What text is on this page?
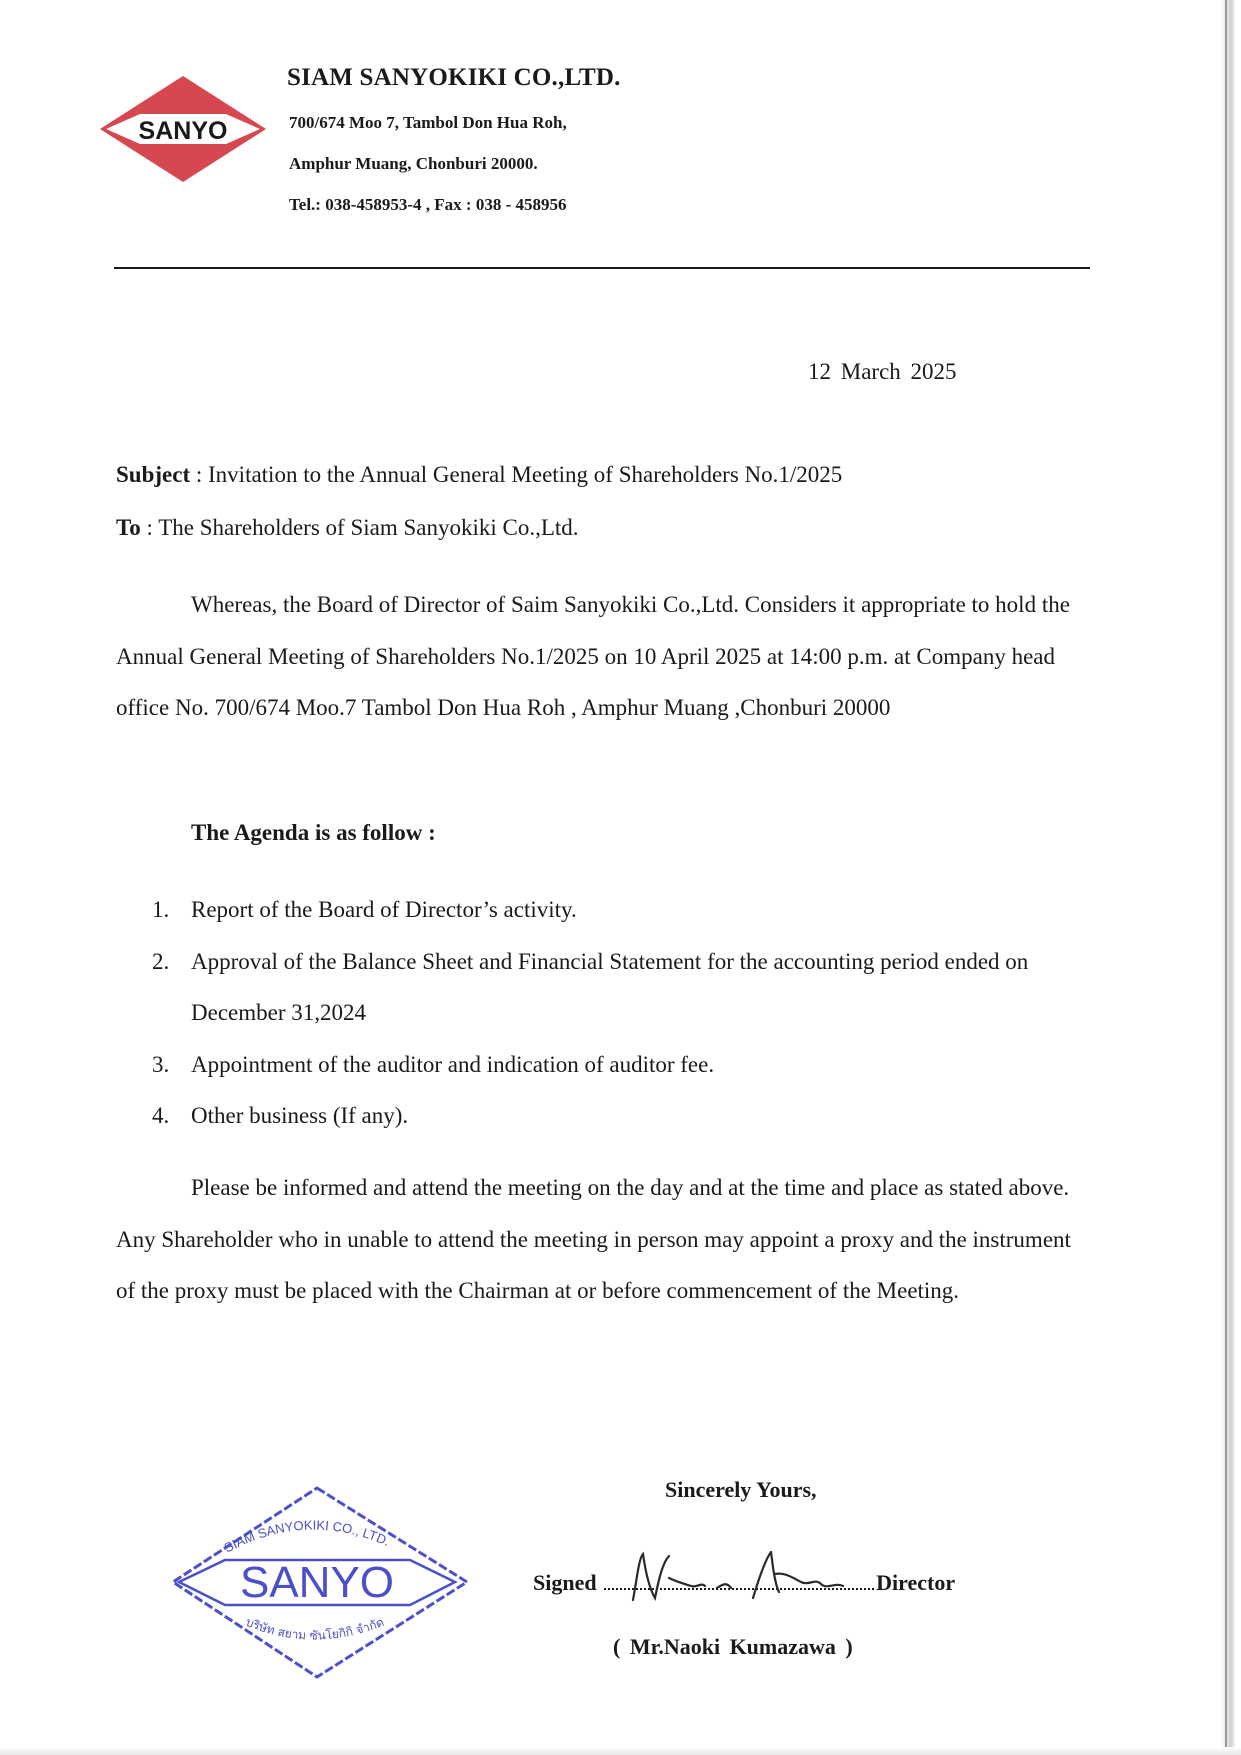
SANYO
SIAM SANYOKIKI CO.,LTD.
700/674 Moo 7, Tambol Don Hua Roh,
Amphur Muang, Chonburi 20000.
Tel.: 038-458953-4 , Fax : 038 - 458956
12 March 2025
Subject : Invitation to the Annual General Meeting of Shareholders No.1/2025
To : The Shareholders of Siam Sanyokiki Co.,Ltd.

Whereas, the Board of Director of Saim Sanyokiki Co.,Ltd. Considers it appropriate to hold the Annual General Meeting of Shareholders No.1/2025 on 10 April 2025 at 14:00 p.m. at Company head office No. 700/674 Moo.7 Tambol Don Hua Roh , Amphur Muang ,Chonburi 20000

The Agenda is as follow :
1. Report of the Board of Director’s activity.
2. Approval of the Balance Sheet and Financial Statement for the accounting period ended on December 31,2024
3. Appointment of the auditor and indication of auditor fee.
4. Other business (If any).

Please be informed and attend the meeting on the day and at the time and place as stated above. Any Shareholder who in unable to attend the meeting in person may appoint a proxy and the instrument of the proxy must be placed with the Chairman at or before commencement of the Meeting.

SIAM SANYOKIKI CO., LTD.
SANYO
บริษัท สยาม ซันโยกิกิ จำกัด
Sincerely Yours,
Signed	Director
( Mr.Naoki Kumazawa )
